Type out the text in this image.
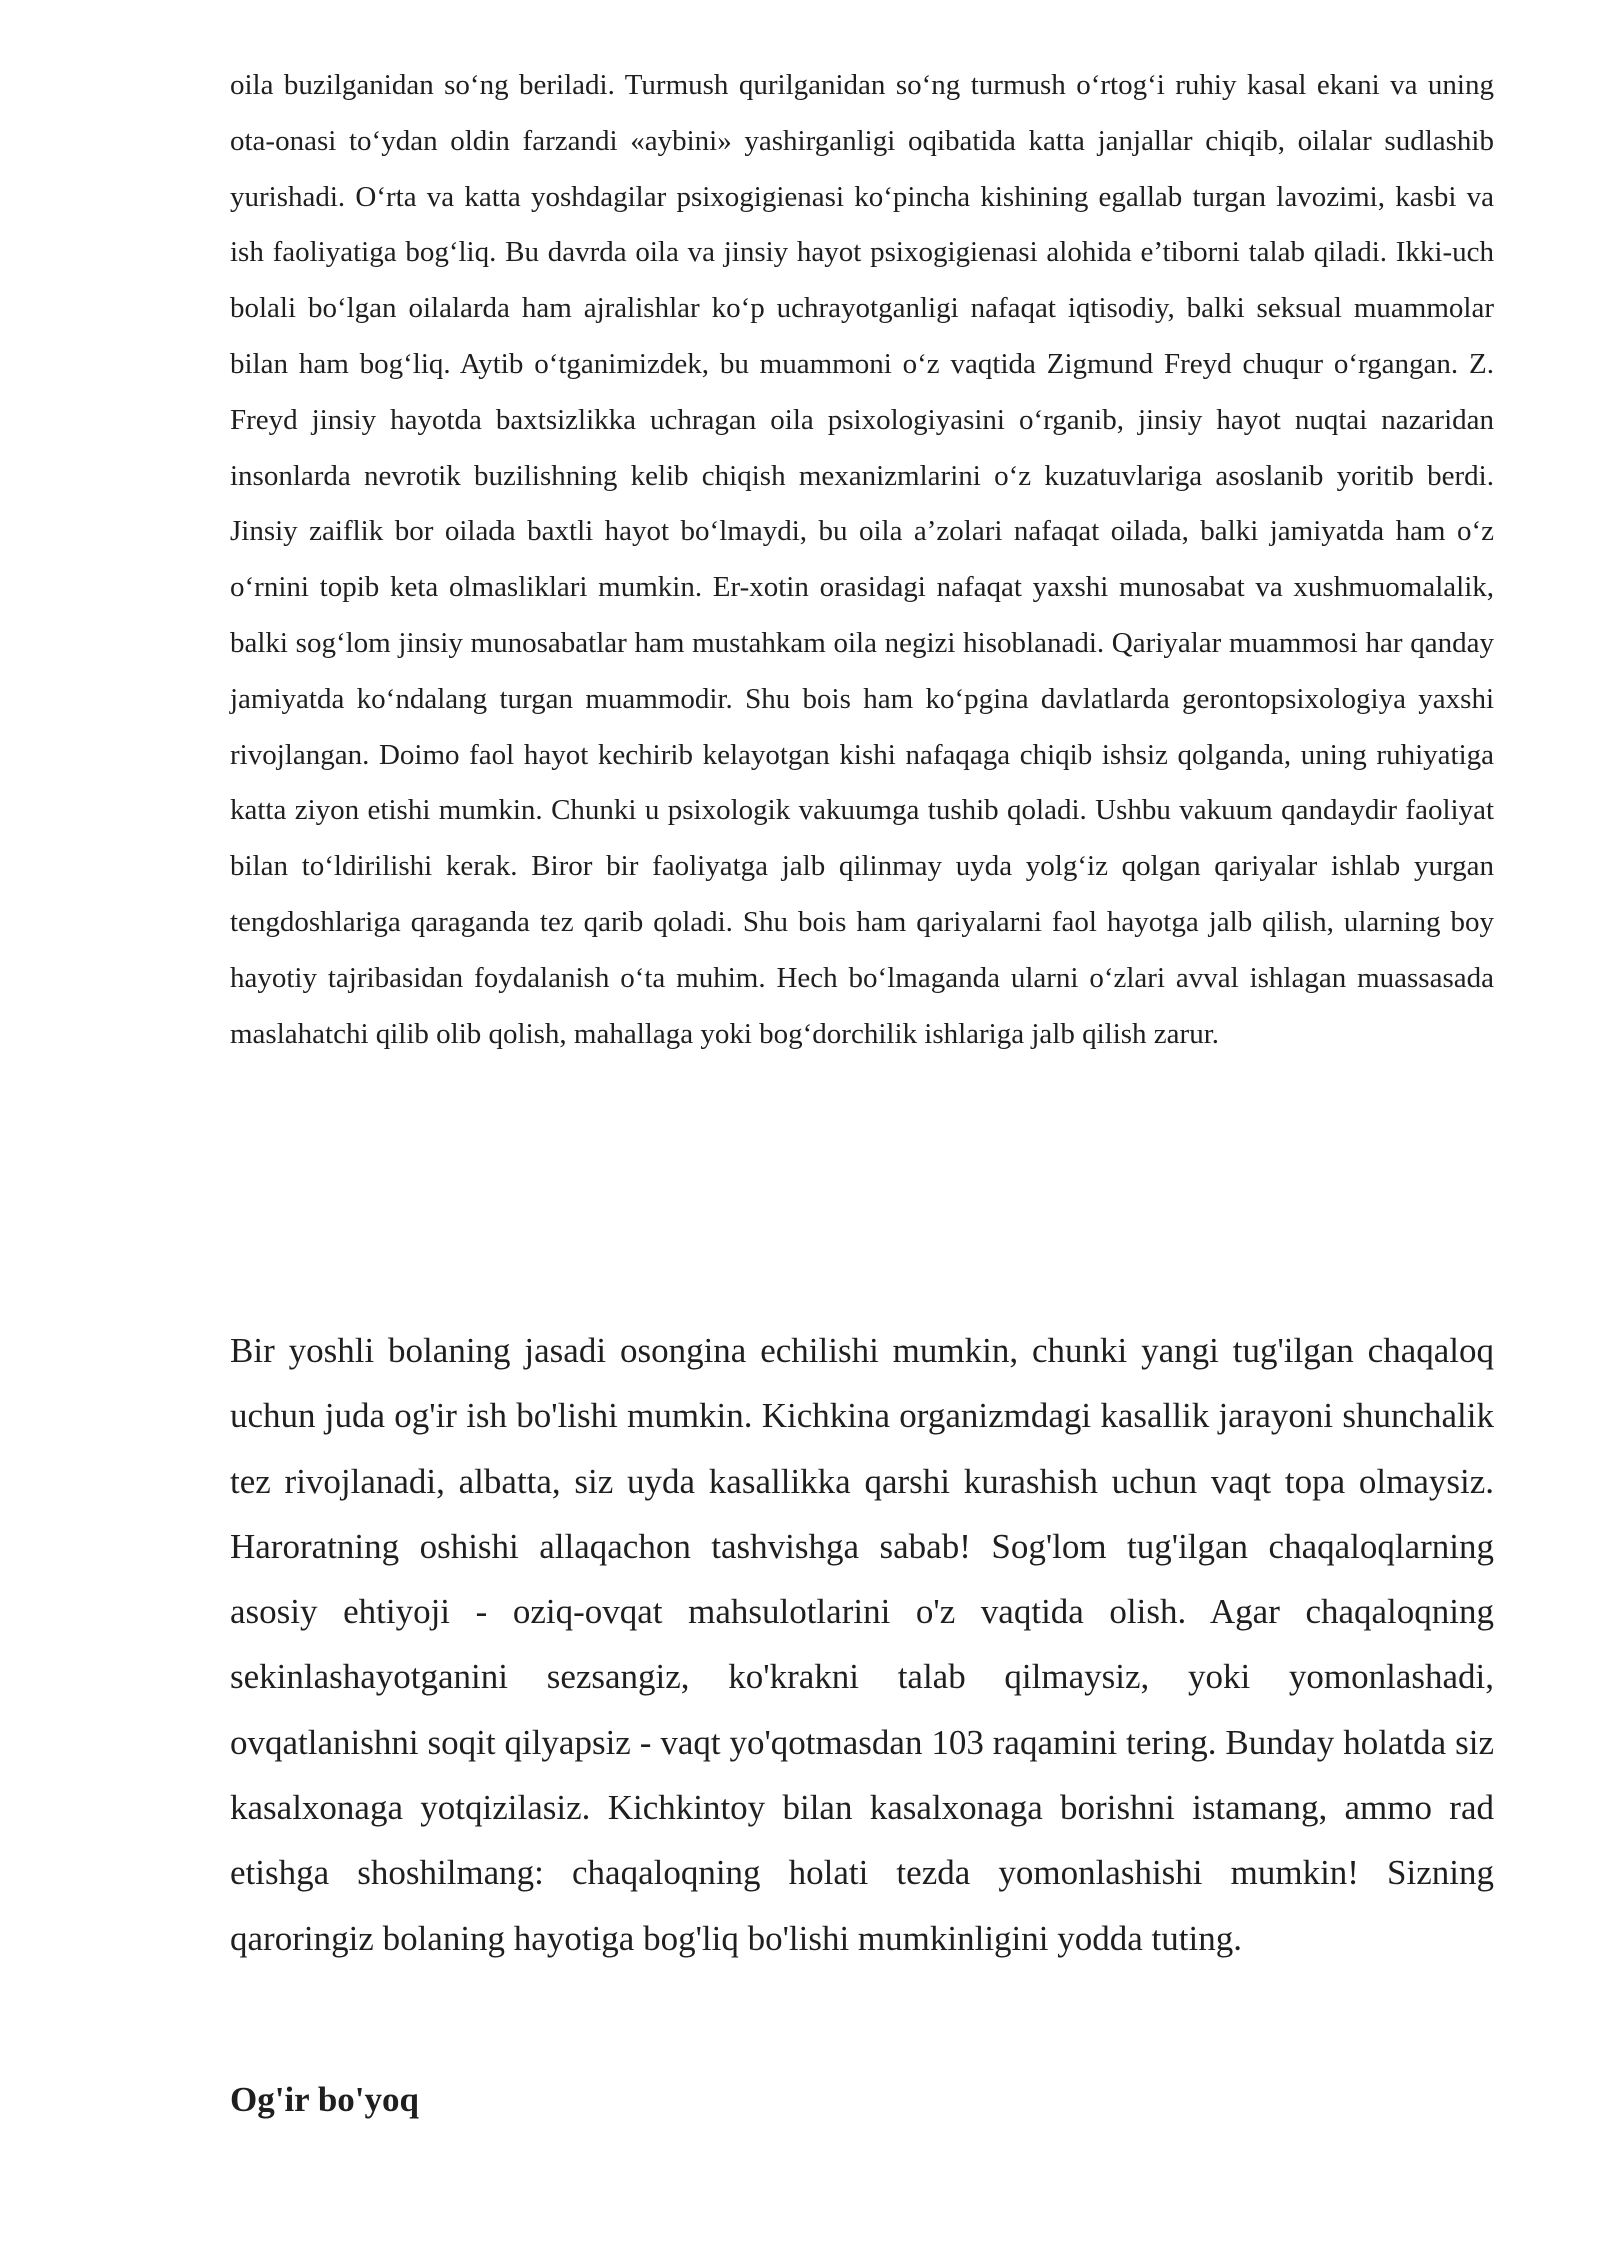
oila buzilganidan so‘ng beriladi. Turmush qurilganidan so‘ng turmush o‘rtog‘i ruhiy kasal ekani va uning ota-onasi to‘ydan oldin farzandi «aybini» yashirganligi oqibatida katta janjallar chiqib, oilalar sudlashib yurishadi. O‘rta va katta yoshdagilar psixogigienasi ko‘pincha kishining egallab turgan lavozimi, kasbi va ish faoliyatiga bog‘liq. Bu davrda oila va jinsiy hayot psixogigienasi alohida e’tiborni talab qiladi. Ikki-uch bolali bo‘lgan oilalarda ham ajralishlar ko‘p uchrayotganligi nafaqat iqtisodiy, balki seksual muammolar bilan ham bog‘liq. Aytib o‘tganimizdek, bu muammoni o‘z vaqtida Zigmund Freyd chuqur o‘rgangan. Z. Freyd jinsiy hayotda baxtsizlikka uchragan oila psixologiyasini o‘rganib, jinsiy hayot nuqtai nazaridan insonlarda nevrotik buzilishning kelib chiqish mexanizmlarini o‘z kuzatuvlariga asoslanib yoritib berdi. Jinsiy zaiflik bor oilada baxtli hayot bo‘lmaydi, bu oila a’zolari nafaqat oilada, balki jamiyatda ham o‘z o‘rnini topib keta olmasliklari mumkin. Er-xotin orasidagi nafaqat yaxshi munosabat va xushmuomalalik, balki sog‘lom jinsiy munosabatlar ham mustahkam oila negizi hisoblanadi. Qariyalar muammosi har qanday jamiyatda ko‘ndalang turgan muammodir. Shu bois ham ko‘pgina davlatlarda gerontopsixologiya yaxshi rivojlangan. Doimo faol hayot kechirib kelayotgan kishi nafaqaga chiqib ishsiz qolganda, uning ruhiyatiga katta ziyon etishi mumkin. Chunki u psixologik vakuumga tushib qoladi. Ushbu vakuum qandaydir faoliyat bilan to‘ldirilishi kerak. Biror bir faoliyatga jalb qilinmay uyda yolg‘iz qolgan qariyalar ishlab yurgan tengdoshlariga qaraganda tez qarib qoladi. Shu bois ham qariyalarni faol hayotga jalb qilish, ularning boy hayotiy tajribasidan foydalanish o‘ta muhim. Hech bo‘lmaganda ularni o‘zlari avval ishlagan muassasada maslahatchi qilib olib qolish, mahallaga yoki bog‘dorchilik ishlariga jalb qilish zarur.

Bir yoshli bolaning jasadi osongina echilishi mumkin, chunki yangi tug'ilgan chaqaloq uchun juda og'ir ish bo'lishi mumkin. Kichkina organizmdagi kasallik jarayoni shunchalik tez rivojlanadi, albatta, siz uyda kasallikka qarshi kurashish uchun vaqt topa olmaysiz. Haroratning oshishi allaqachon tashvishga sabab! Sog'lom tug'ilgan chaqaloqlarning asosiy ehtiyoji - oziq-ovqat mahsulotlarini o'z vaqtida olish. Agar chaqaloqning sekinlashayotganini sezsangiz, ko'krakni talab qilmaysiz, yoki yomonlashadi, ovqatlanishni soqit qilyapsiz - vaqt yo'qotmasdan 103 raqamini tering. Bunday holatda siz kasalxonaga yotqizilasiz. Kichkintoy bilan kasalxonaga borishni istamang, ammo rad etishga shoshilmang: chaqaloqning holati tezda yomonlashishi mumkin! Sizning qaroringiz bolaning hayotiga bog'liq bo'lishi mumkinligini yodda tuting.

Og'ir bo'yoq
